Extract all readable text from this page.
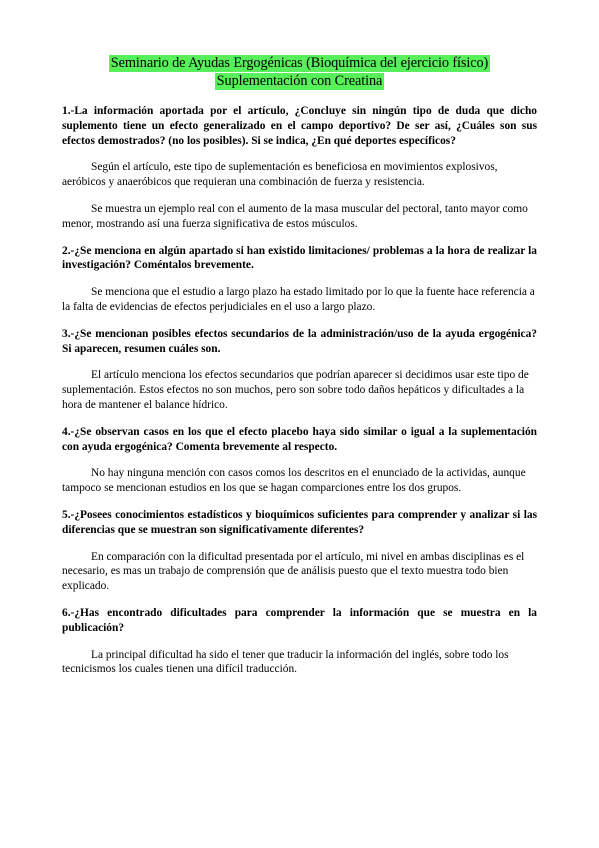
Seminario de Ayudas Ergogénicas (Bioquímica del ejercicio físico)
Suplementación con Creatina

1.-La información aportada por el artículo, ¿Concluye sin ningún tipo de duda que dicho suplemento tiene un efecto generalizado en el campo deportivo? De ser así, ¿Cuáles son sus efectos demostrados? (no los posibles). Si se indica, ¿En qué deportes específicos?

Según el artículo, este tipo de suplementación es beneficiosa en movimientos explosivos, aeróbicos y anaeróbicos que requieran una combinación de fuerza y resistencia.

Se muestra un ejemplo real con el aumento de la masa muscular del pectoral, tanto mayor como menor, mostrando así una fuerza significativa de estos músculos.

2.-¿Se menciona en algún apartado si han existido limitaciones/ problemas a la hora de realizar la investigación? Coméntalos brevemente.

Se menciona que el estudio a largo plazo ha estado limitado por lo que la fuente hace referencia a la falta de evidencias de efectos perjudiciales en el uso a largo plazo.

3.-¿Se mencionan posibles efectos secundarios de la administración/uso de la ayuda ergogénica? Si aparecen, resumen cuáles son.

El artículo menciona los efectos secundarios que podrían aparecer si decidimos usar este tipo de suplementación. Estos efectos no son muchos, pero son sobre todo daños hepáticos y dificultades a la hora de mantener el balance hídrico.

4.-¿Se observan casos en los que el efecto placebo haya sido similar o igual a la suplementación con ayuda ergogénica? Comenta brevemente al respecto.

No hay ninguna mención con casos comos los descritos en el enunciado de la actividas, aunque tampoco se mencionan estudios en los que se hagan comparciones entre los dos grupos.

5.-¿Posees conocimientos estadísticos y bioquímicos suficientes para comprender y analizar si las diferencias que se muestran son significativamente diferentes?

En comparación con la dificultad presentada por el artículo, mi nivel en ambas disciplinas es el necesario, es mas un trabajo de comprensión que de análisis puesto que el texto muestra todo bien explicado.

6.-¿Has encontrado dificultades para comprender la información que se muestra en la publicación?

La principal dificultad ha sido el tener que traducir la información del inglés, sobre todo los tecnicismos los cuales tienen una difícil traducción.
